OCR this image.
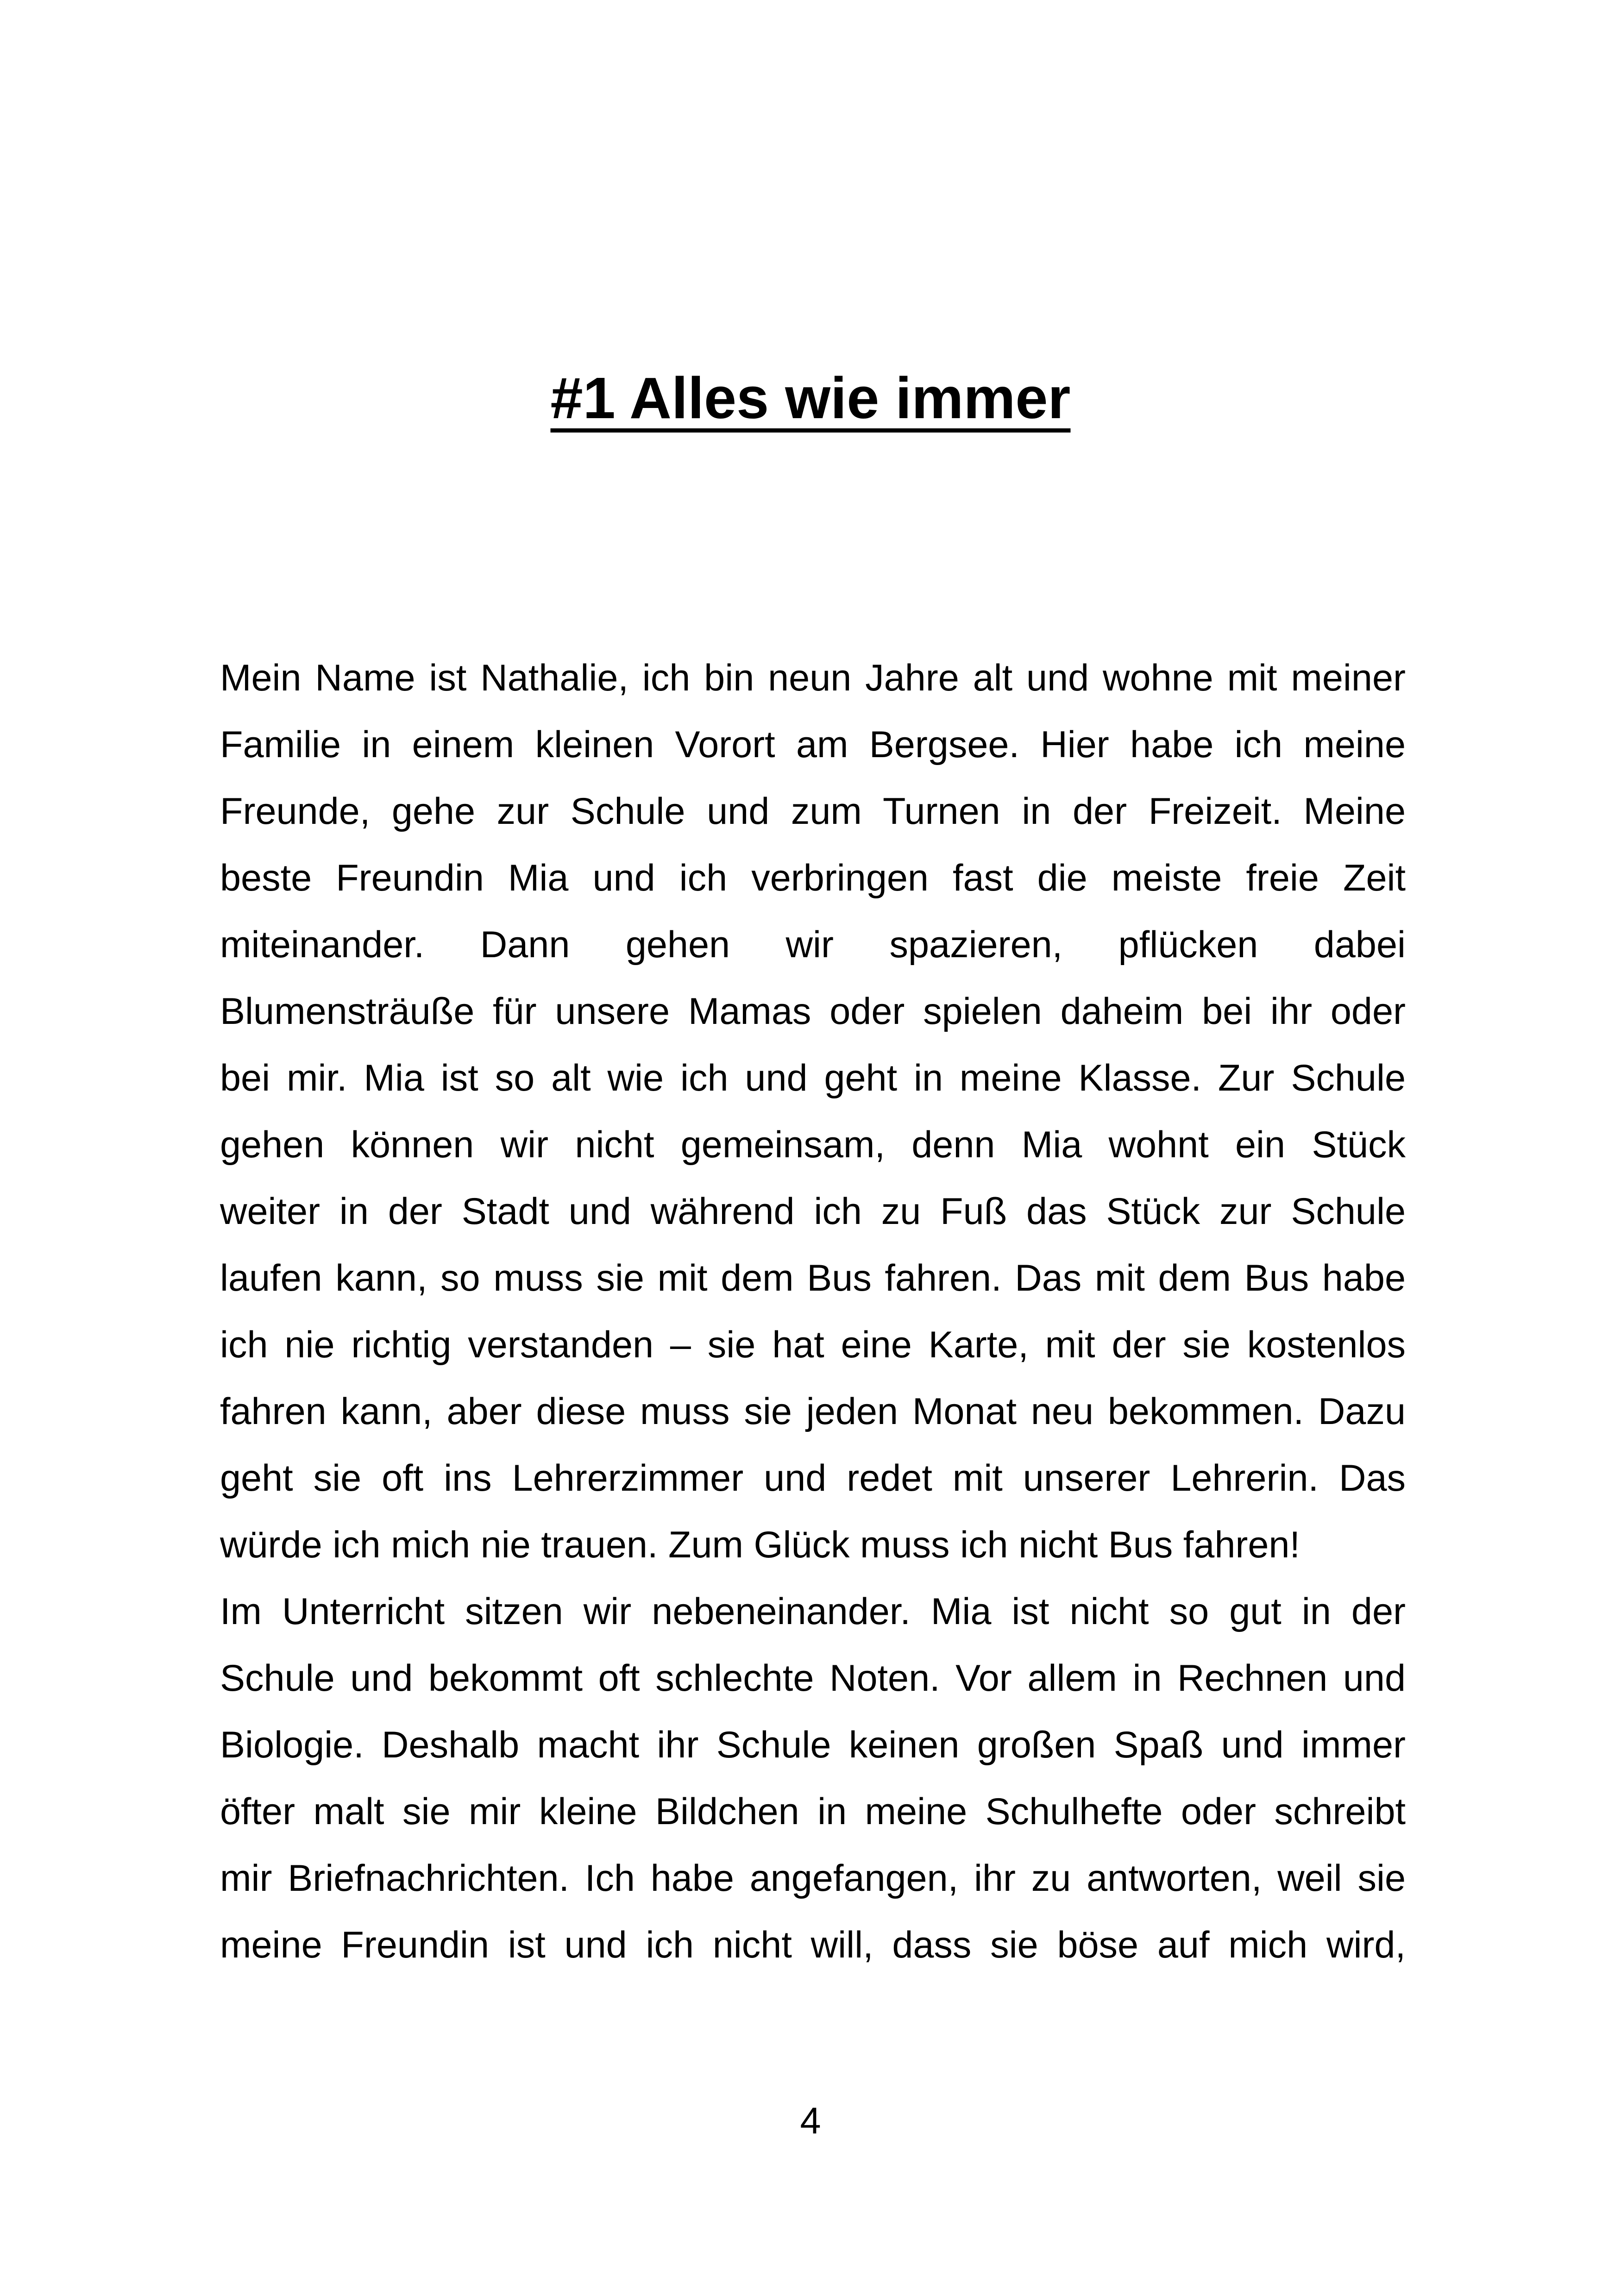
#1 Alles wie immer
Mein Name ist Nathalie, ich bin neun Jahre alt und wohne mit meiner
Familie in einem kleinen Vorort am Bergsee. Hier habe ich meine
Freunde, gehe zur Schule und zum Turnen in der Freizeit. Meine
beste Freundin Mia und ich verbringen fast die meiste freie Zeit
miteinander. Dann gehen wir spazieren, pflücken dabei
Blumensträuße für unsere Mamas oder spielen daheim bei ihr oder
bei mir. Mia ist so alt wie ich und geht in meine Klasse. Zur Schule
gehen können wir nicht gemeinsam, denn Mia wohnt ein Stück
weiter in der Stadt und während ich zu Fuß das Stück zur Schule
laufen kann, so muss sie mit dem Bus fahren. Das mit dem Bus habe
ich nie richtig verstanden – sie hat eine Karte, mit der sie kostenlos
fahren kann, aber diese muss sie jeden Monat neu bekommen. Dazu
geht sie oft ins Lehrerzimmer und redet mit unserer Lehrerin. Das
würde ich mich nie trauen. Zum Glück muss ich nicht Bus fahren!
Im Unterricht sitzen wir nebeneinander. Mia ist nicht so gut in der
Schule und bekommt oft schlechte Noten. Vor allem in Rechnen und
Biologie. Deshalb macht ihr Schule keinen großen Spaß und immer
öfter malt sie mir kleine Bildchen in meine Schulhefte oder schreibt
mir Briefnachrichten. Ich habe angefangen, ihr zu antworten, weil sie
meine Freundin ist und ich nicht will, dass sie böse auf mich wird,
4
